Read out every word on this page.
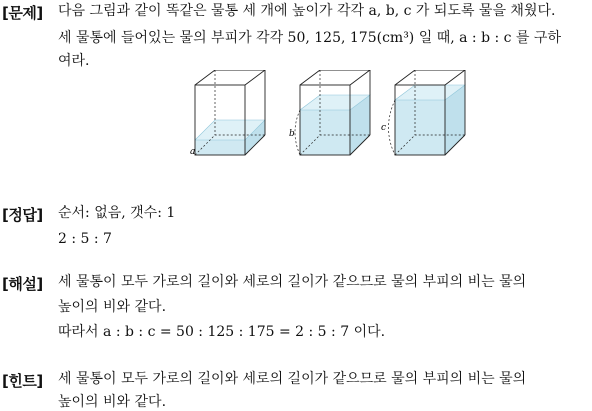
[문제] 다음 그림과 같이 똑같은 물통 세 개에 높이가 각각 a, b, c 가 되도록 물을 채웠다.
세 물통에 들어있는 물의 부피가 각각 50, 125, 175(cm³) 일 때, a : b : c 를 구하
여라.
a
b
c
[정답] 순서: 없음, 갯수: 1
2 : 5 : 7
[해설] 세 물통이 모두 가로의 길이와 세로의 길이가 같으므로 물의 부피의 비는 물의
높이의 비와 같다.
따라서 a : b : c = 50 : 125 : 175 = 2 : 5 : 7 이다.
[힌트] 세 물통이 모두 가로의 길이와 세로의 길이가 같으므로 물의 부피의 비는 물의
높이의 비와 같다.
